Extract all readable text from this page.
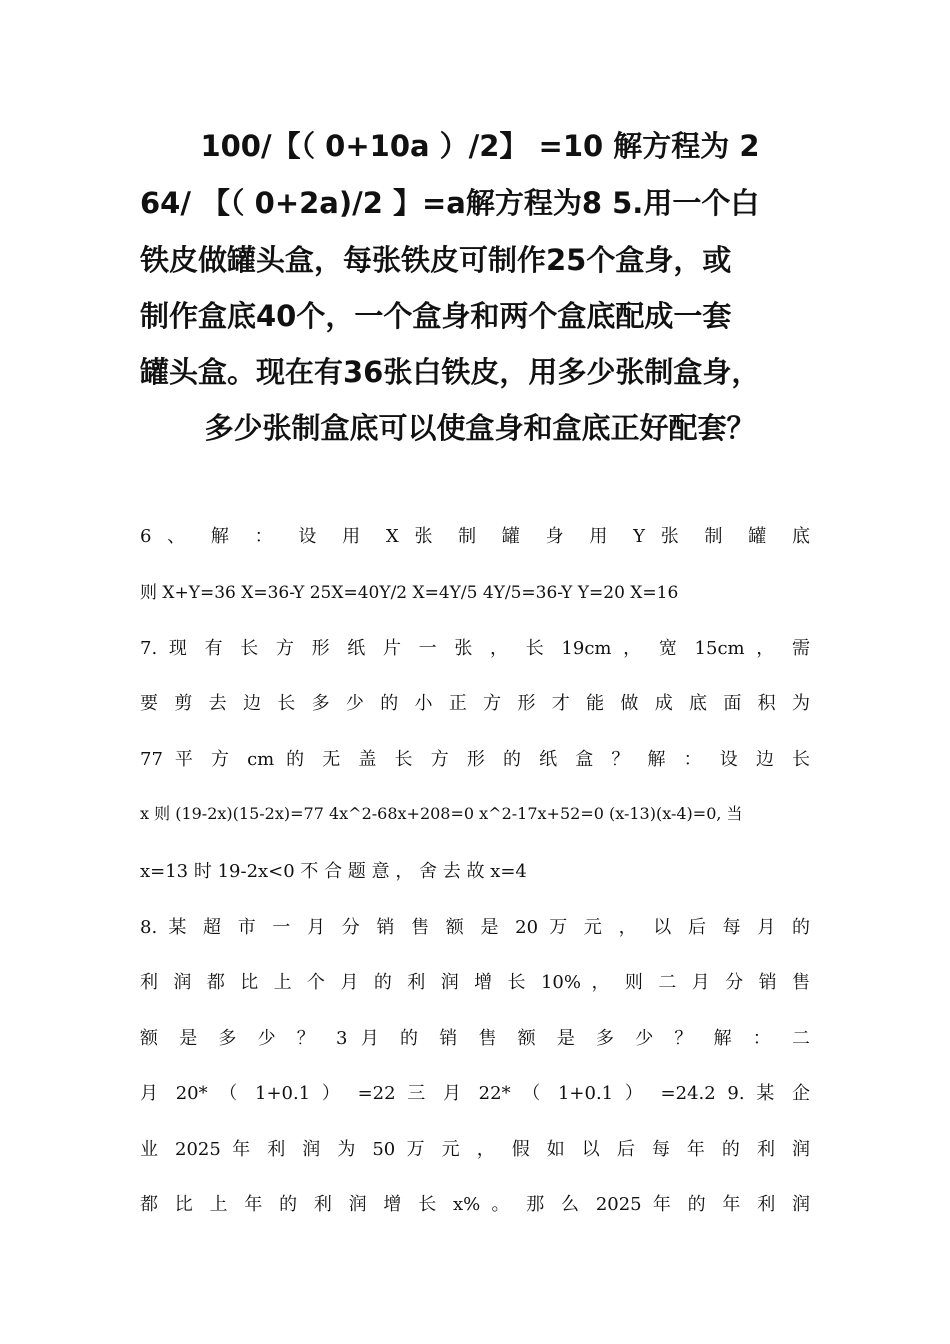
100/【（ 0+10a ）/2】 =10 解方程为 2
64/ 【（ 0+2a)/2 】=a解方程为8 5.用一个白
铁皮做罐头盒，每张铁皮可制作25个盒身，或
制作盒底40个，一个盒身和两个盒底配成一套
罐头盒。现在有36张白铁皮，用多少张制盒身，
多少张制盒底可以使盒身和盒底正好配套？
6 、 解 ： 设 用 X 张 制 罐 身 用 Y 张 制 罐 底
则 X+Y=36 X=36-Y 25X=40Y/2 X=4Y/5 4Y/5=36-Y Y=20 X=16
7. 现 有 长 方 形 纸 片 一 张 ， 长 19cm ， 宽 15cm ， 需
要 剪 去 边 长 多 少 的 小 正 方 形 才 能 做 成 底 面 积 为
77 平 方 cm 的 无 盖 长 方 形 的 纸 盒 ？ 解 ： 设 边 长
x 则 (19-2x)(15-2x)=77 4x^2-68x+208=0 x^2-17x+52=0 (x-13)(x-4)=0, 当
x=13 时 19-2x<0 不 合 题 意 ， 舍 去 故 x=4
8. 某 超 市 一 月 分 销 售 额 是 20 万 元 ， 以 后 每 月 的
利 润 都 比 上 个 月 的 利 润 增 长 10% ， 则 二 月 分 销 售
额 是 多 少 ？ 3 月 的 销 售 额 是 多 少 ？ 解 ： 二
月 20* （ 1+0.1 ） =22 三 月 22* （ 1+0.1 ） =24.2 9. 某 企
业 2025 年 利 润 为 50 万 元 ， 假 如 以 后 每 年 的 利 润
都 比 上 年 的 利 润 增 长 x% 。 那 么 2025 年 的 年 利 润
